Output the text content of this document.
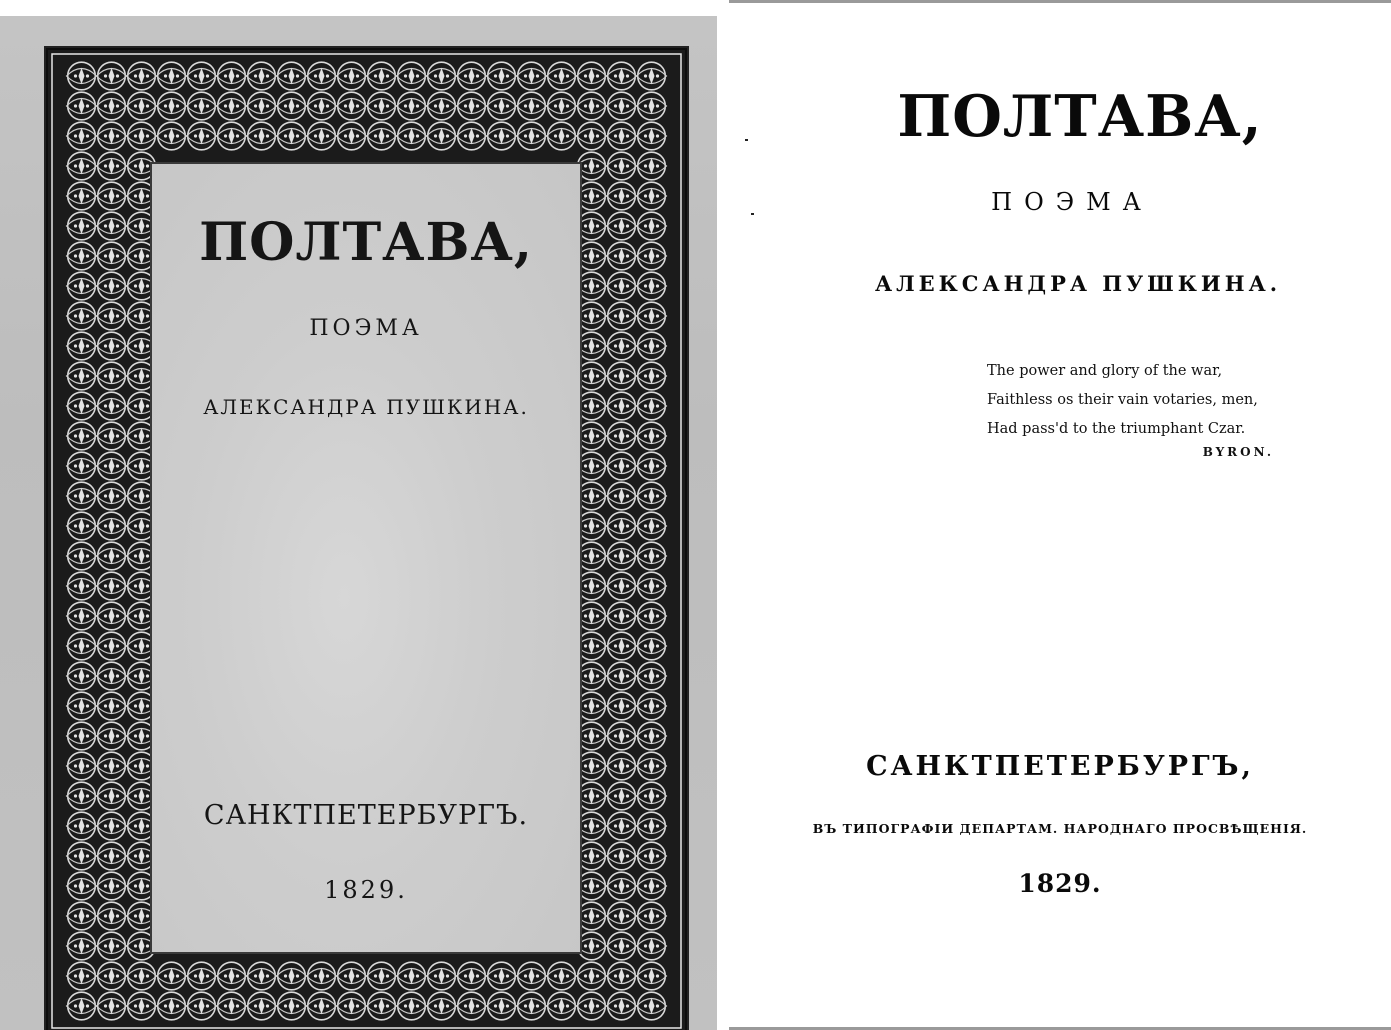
ПОЛТАВА,
ПОЭМА
АЛЕКСАНДРА ПУШКИНА.
САНКТПЕТЕРБУРГЪ.
1829.
ПОЛТАВА,
ПОЭМА
АЛЕКСАНДРА ПУШКИНА.
The power and glory of the war,
Faithless os their vain votaries, men,
Had pass'd to the triumphant Czar.
BYRON.
САНКТПЕТЕРБУРГЪ,
ВЪ ТИПОГРАФІИ ДЕПАРТАМ. НАРОДНАГО ПРОСВѢЩЕНІЯ.
1829.
